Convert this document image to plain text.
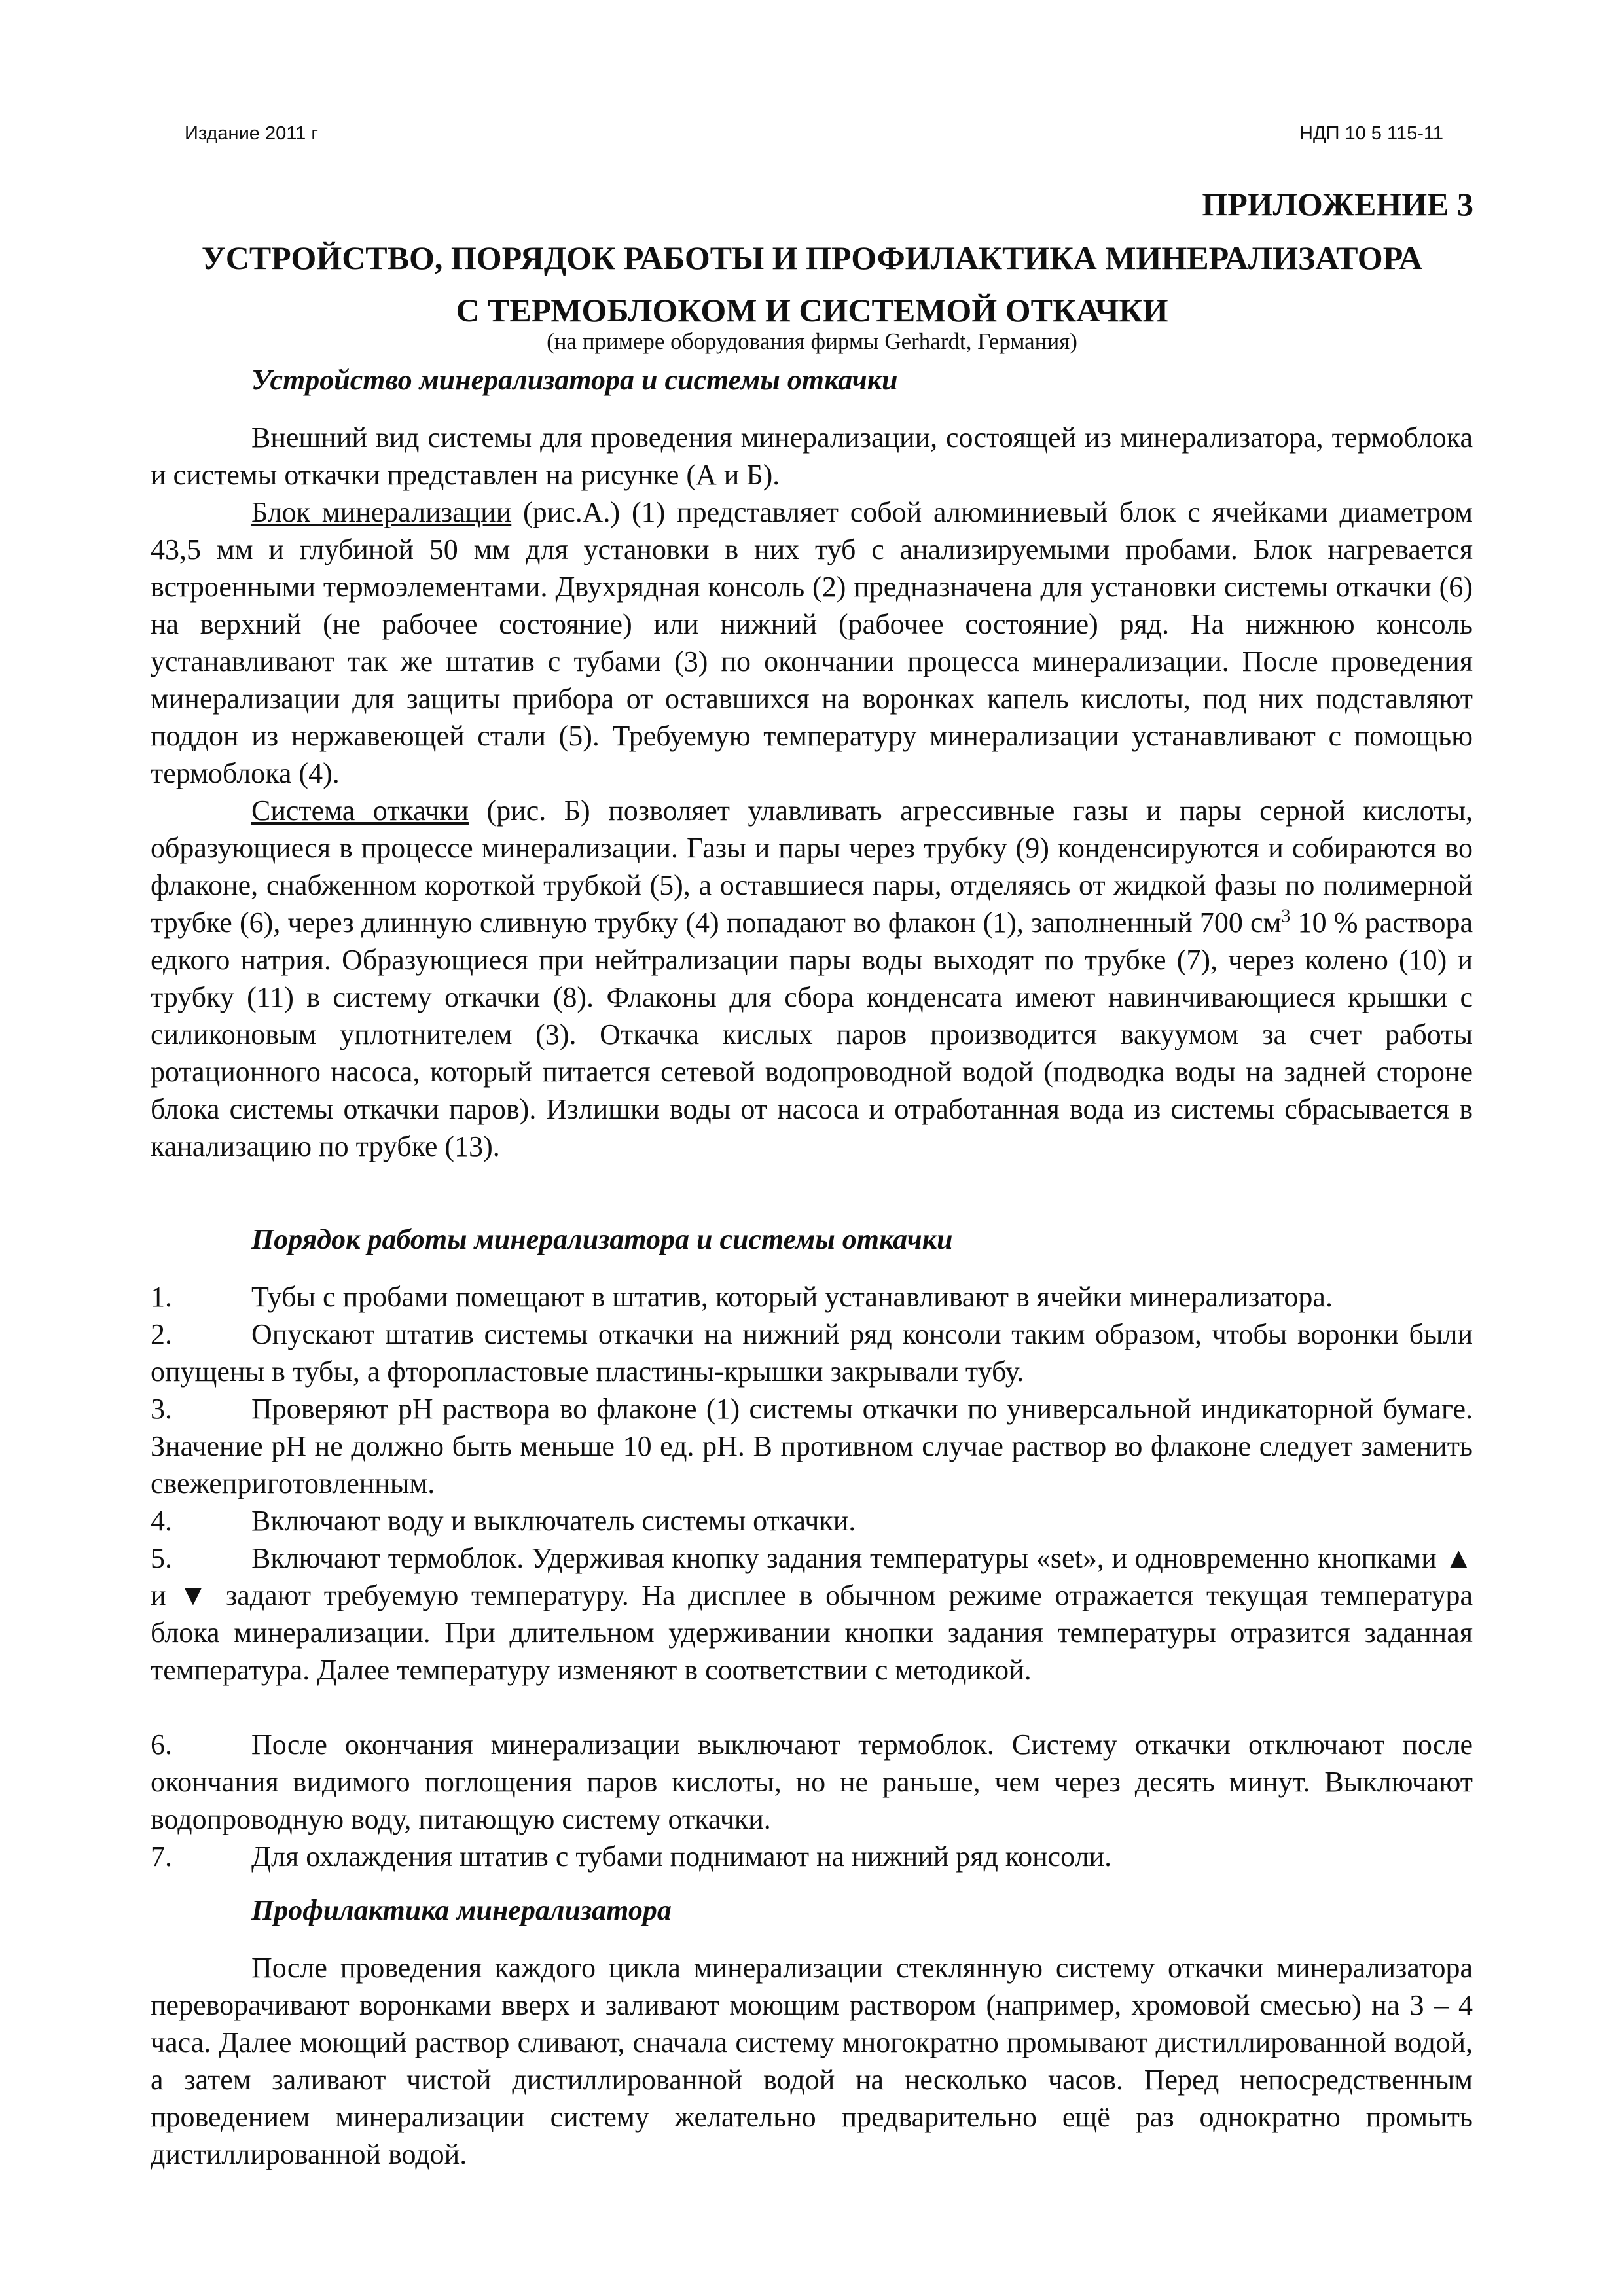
Издание 2011 г	НДП 10 5 115-11
ПРИЛОЖЕНИЕ 3
УСТРОЙСТВО, ПОРЯДОК РАБОТЫ И ПРОФИЛАКТИКА МИНЕРАЛИЗАТОРА
С ТЕРМОБЛОКОМ И СИСТЕМОЙ ОТКАЧКИ
(на примере оборудования фирмы Gerhardt, Германия)
Устройство минерализатора и системы откачки

Внешний вид системы для проведения минерализации, состоящей из минерализатора, термоблока и системы откачки представлен на рисунке (А и Б).

Блок минерализации (рис.А.) (1) представляет собой алюминиевый блок с ячейками диаметром 43,5 мм и глубиной 50 мм для установки в них туб с анализируемыми пробами. Блок нагревается встроенными термоэлементами. Двухрядная консоль (2) предназначена для установки системы откачки (6) на верхний (не рабочее состояние) или нижний (рабочее состояние) ряд. На нижнюю консоль устанавливают так же штатив с тубами (3) по окончании процесса минерализации. После проведения минерализации для защиты прибора от оставшихся на воронках капель кислоты, под них подставляют поддон из нержавеющей стали (5). Требуемую температуру минерализации устанавливают с помощью термоблока (4).

Система откачки (рис. Б) позволяет улавливать агрессивные газы и пары серной кислоты, образующиеся в процессе минерализации. Газы и пары через трубку (9) конденсируются и собираются во флаконе, снабженном короткой трубкой (5), а оставшиеся пары, отделяясь от жидкой фазы по полимерной трубке (6), через длинную сливную трубку (4) попадают во флакон (1), заполненный 700 $см^3$ 10 % раствора едкого натрия. Образующиеся при нейтрализации пары воды выходят по трубке (7), через колено (10) и трубку (11) в систему откачки (8). Флаконы для сбора конденсата имеют навинчивающиеся крышки с силиконовым уплотнителем (3). Откачка кислых паров производится вакуумом за счет работы ротационного насоса, который питается сетевой водопроводной водой (подводка воды на задней стороне блока системы откачки паров). Излишки воды от насоса и отработанная вода из системы сбрасывается в канализацию по трубке (13).

Порядок работы минерализатора и системы откачки

1.	Тубы с пробами помещают в штатив, который устанавливают в ячейки минерализатора.

2.	Опускают штатив системы откачки на нижний ряд консоли таким образом, чтобы воронки были опущены в тубы, а фторопластовые пластины-крышки закрывали тубу.

3.	Проверяют pH раствора во флаконе (1) системы откачки по универсальной индикаторной бумаге. Значение pH не должно быть меньше 10 ед. pH. В противном случае раствор во флаконе следует заменить свежеприготовленным.

4.	Включают воду и выключатель системы откачки.

5.	Включают термоблок. Удерживая кнопку задания температуры «set», и одновременно кнопками ▲ и ▼ задают требуемую температуру. На дисплее в обычном режиме отражается текущая температура блока минерализации. При длительном удерживании кнопки задания температуры отразится заданная температура. Далее температуру изменяют в соответствии с методикой.

6.	После окончания минерализации выключают термоблок. Систему откачки отключают после окончания видимого поглощения паров кислоты, но не раньше, чем через десять минут. Выключают водопроводную воду, питающую систему откачки.

7.	Для охлаждения штатив с тубами поднимают на нижний ряд консоли.

Профилактика минерализатора

После проведения каждого цикла минерализации стеклянную систему откачки минерализатора переворачивают воронками вверх и заливают моющим раствором (например, хромовой смесью) на 3 – 4 часа. Далее моющий раствор сливают, сначала систему многократно промывают дистиллированной водой, а затем заливают чистой дистиллированной водой на несколько часов. Перед непосредственным проведением минерализации систему желательно предварительно ещё раз однократно промыть дистиллированной водой.
